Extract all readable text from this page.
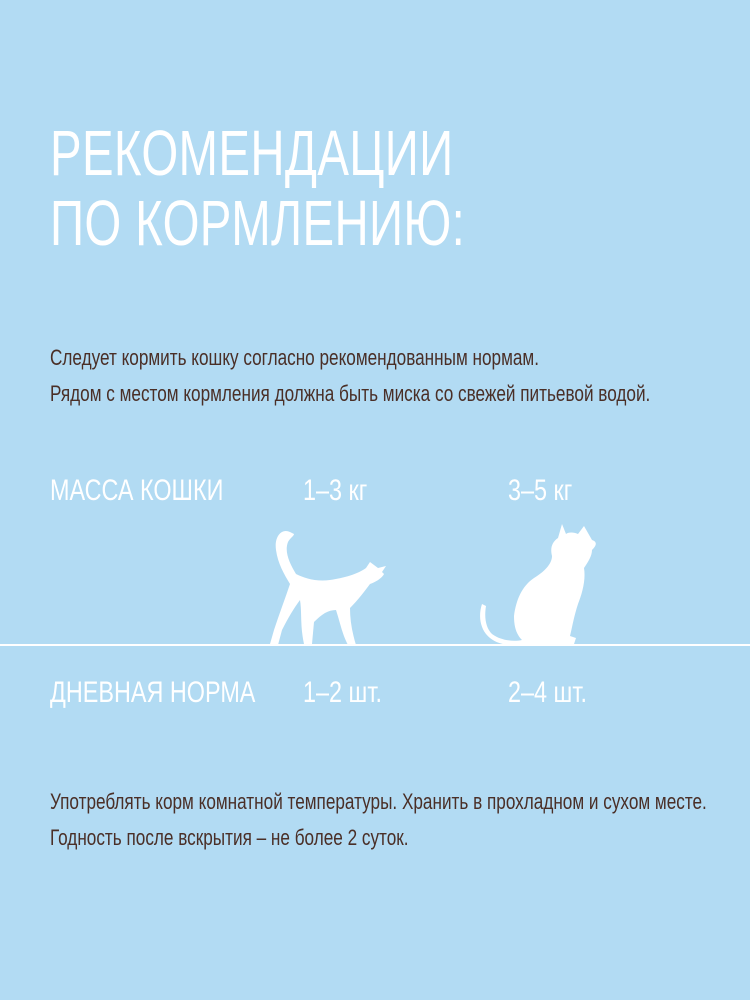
РЕКОМЕНДАЦИИ
ПО КОРМЛЕНИЮ:
Следует кормить кошку согласно рекомендованным нормам.
Рядом с местом кормления должна быть миска со свежей питьевой водой.
МАССА КОШКИ	1–3 кг	3–5 кг
ДНЕВНАЯ НОРМА 1–2 шт.	2–4 шт.
Употреблять корм комнатной температуры. Хранить в прохладном и сухом месте.
Годность после вскрытия – не более 2 суток.
